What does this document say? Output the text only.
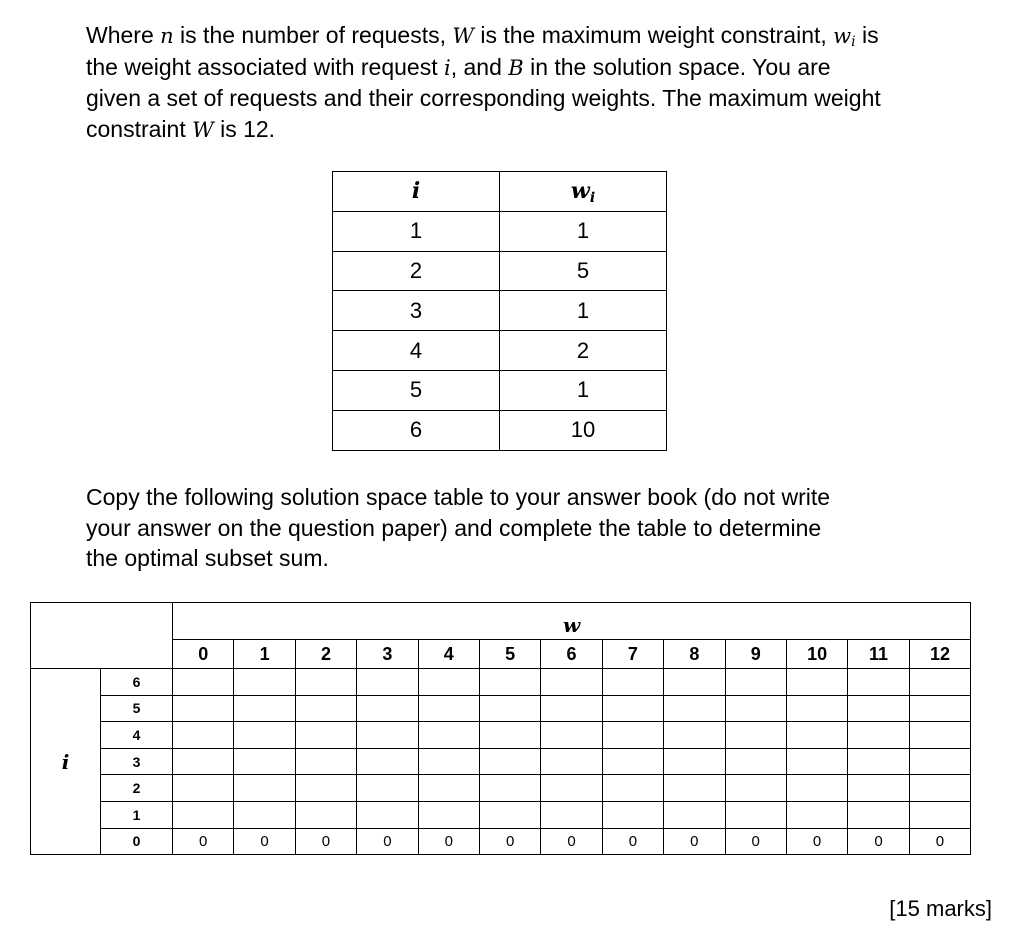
Where n is the number of requests, W is the maximum weight constraint, $w_i$ is
the weight associated with request i, and B in the solution space. You are
given a set of requests and their corresponding weights. The maximum weight
constraint W is 12.

i	$w_i$
1	1
2	5
3	1
4	2
5	1
6	10

Copy the following solution space table to your answer book (do not write
your answer on the question paper) and complete the table to determine
the optimal subset sum.

		w												
		0	1	2	3	4	5	6	7	8	9	10	11	12
i	6													
	5													
	4													
	3													
	2													
	1													
	0	0	0	0	0	0	0	0	0	0	0	0	0	0

[15 marks]
